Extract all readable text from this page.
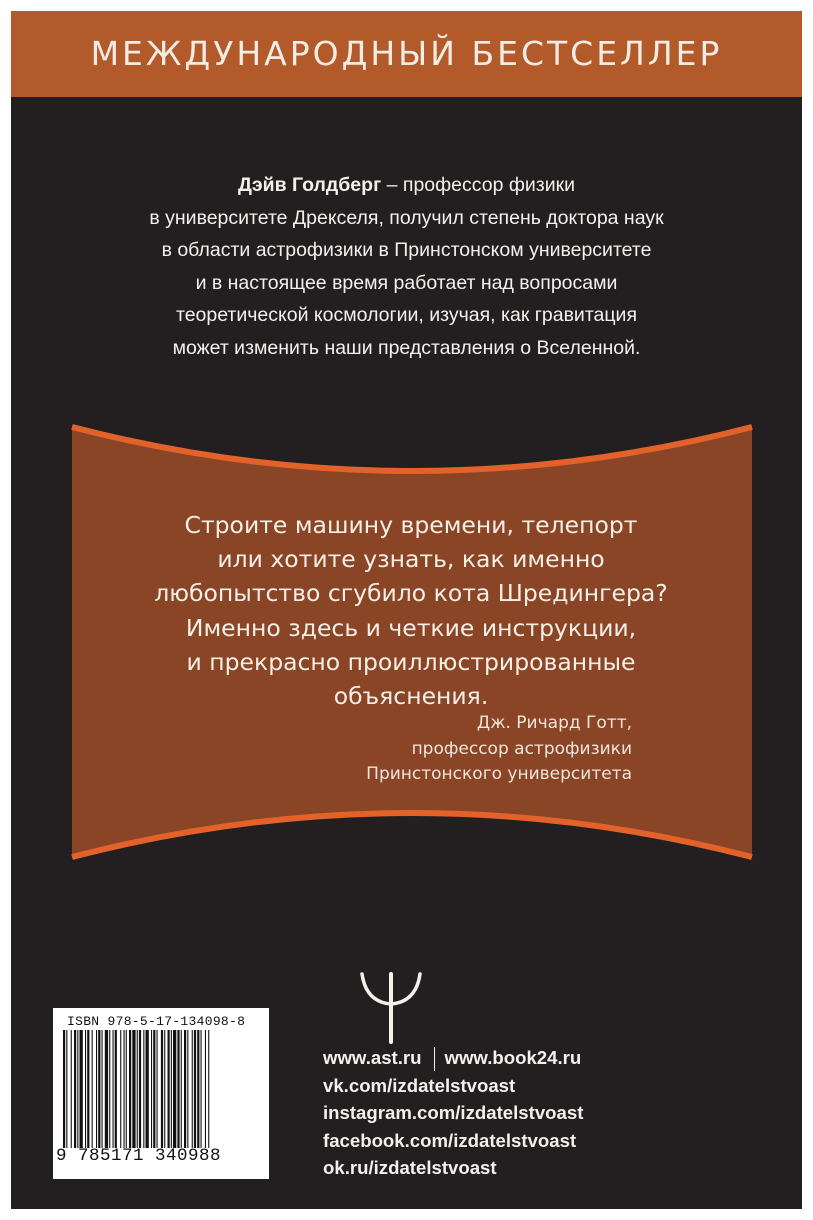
МЕЖДУНАРОДНЫЙ БЕСТСЕЛЛЕР
Дэйв Голдберг – профессор физики
в университете Дрекселя, получил степень доктора наук
в области астрофизики в Принстонском университете
и в настоящее время работает над вопросами
теоретической космологии, изучая, как гравитация
может изменить наши представления о Вселенной.
Строите машину времени, телепорт
или хотите узнать, как именно
любопытство сгубило кота Шредингера?
Именно здесь и четкие инструкции,
и прекрасно проиллюстрированные
объяснения.
Дж. Ричард Готт,
профессор астрофизики
Принстонского университета
ISBN 978-5-17-134098-8
9 785171 340988
www.ast.ru www.book24.ru
vk.com/izdatelstvoast
instagram.com/izdatelstvoast
facebook.com/izdatelstvoast
ok.ru/izdatelstvoast
